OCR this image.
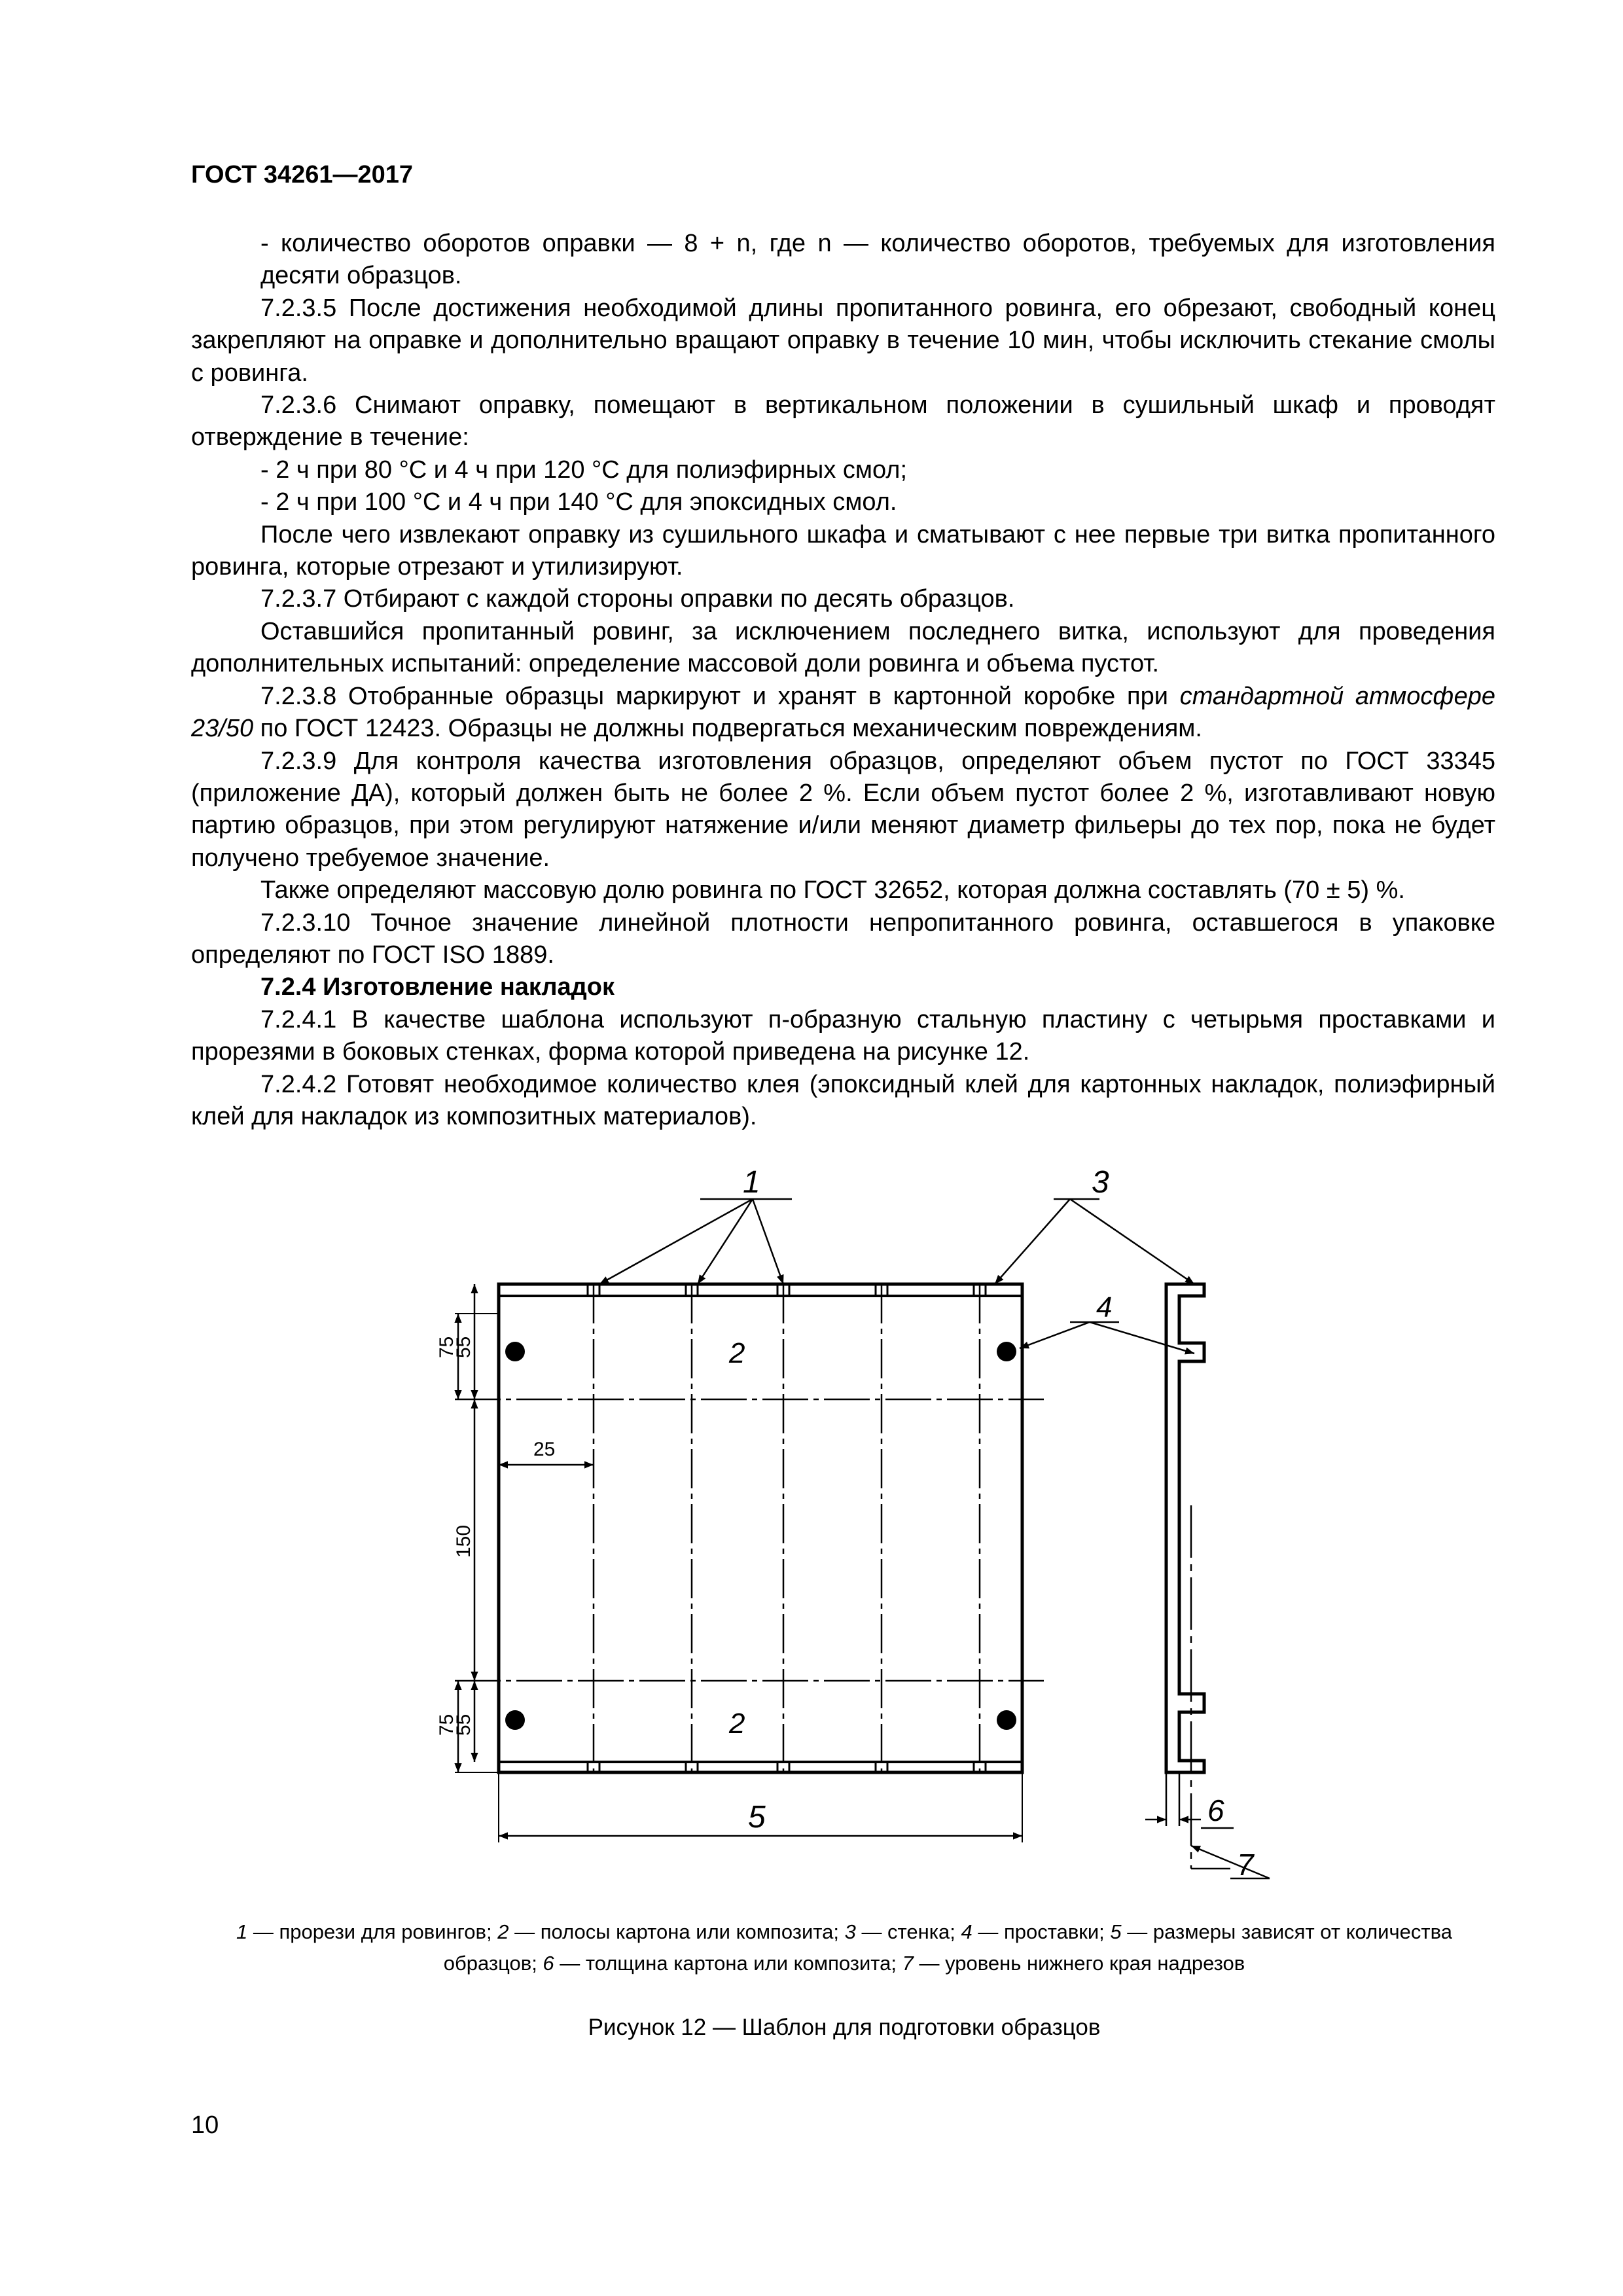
ГОСТ 34261—2017

- количество оборотов оправки — 8 + n, где n — количество оборотов, требуемых для изготовления десяти образцов.

7.2.3.5 После достижения необходимой длины пропитанного ровинга, его обрезают, свободный конец закрепляют на оправке и дополнительно вращают оправку в течение 10 мин, чтобы исключить стекание смолы с ровинга.

7.2.3.6 Снимают оправку, помещают в вертикальном положении в сушильный шкаф и проводят отверждение в течение:

- 2 ч при 80 °C и 4 ч при 120 °C для полиэфирных смол;

- 2 ч при 100 °C и 4 ч при 140 °C для эпоксидных смол.

После чего извлекают оправку из сушильного шкафа и сматывают с нее первые три витка пропитанного ровинга, которые отрезают и утилизируют.

7.2.3.7 Отбирают с каждой стороны оправки по десять образцов.

Оставшийся пропитанный ровинг, за исключением последнего витка, используют для проведения дополнительных испытаний: определение массовой доли ровинга и объема пустот.

7.2.3.8 Отобранные образцы маркируют и хранят в картонной коробке при стандартной атмосфере 23/50 по ГОСТ 12423. Образцы не должны подвергаться механическим повреждениям.

7.2.3.9 Для контроля качества изготовления образцов, определяют объем пустот по ГОСТ 33345 (приложение ДА), который должен быть не более 2 %. Если объем пустот более 2 %, изготавливают новую партию образцов, при этом регулируют натяжение и/или меняют диаметр фильеры до тех пор, пока не будет получено требуемое значение.

Также определяют массовую долю ровинга по ГОСТ 32652, которая должна составлять (70 ± 5) %.

7.2.3.10 Точное значение линейной плотности непропитанного ровинга, оставшегося в упаковке определяют по ГОСТ ISO 1889.

7.2.4 Изготовление накладок

7.2.4.1 В качестве шаблона используют п-образную стальную пластину с четырьмя проставками и прорезями в боковых стенках, форма которой приведена на рисунке 12.

7.2.4.2 Готовят необходимое количество клея (эпоксидный клей для картонных накладок, полиэфирный клей для накладок из композитных материалов).

1
2
2
3
4
5	6
7
25
75
55
150
75
55
1 — прорези для ровингов; 2 — полосы картона или композита; 3 — стенка; 4 — проставки; 5 — размеры зависят от количества образцов; 6 — толщина картона или композита; 7 — уровень нижнего края надрезов
Рисунок 12 — Шаблон для подготовки образцов
10
